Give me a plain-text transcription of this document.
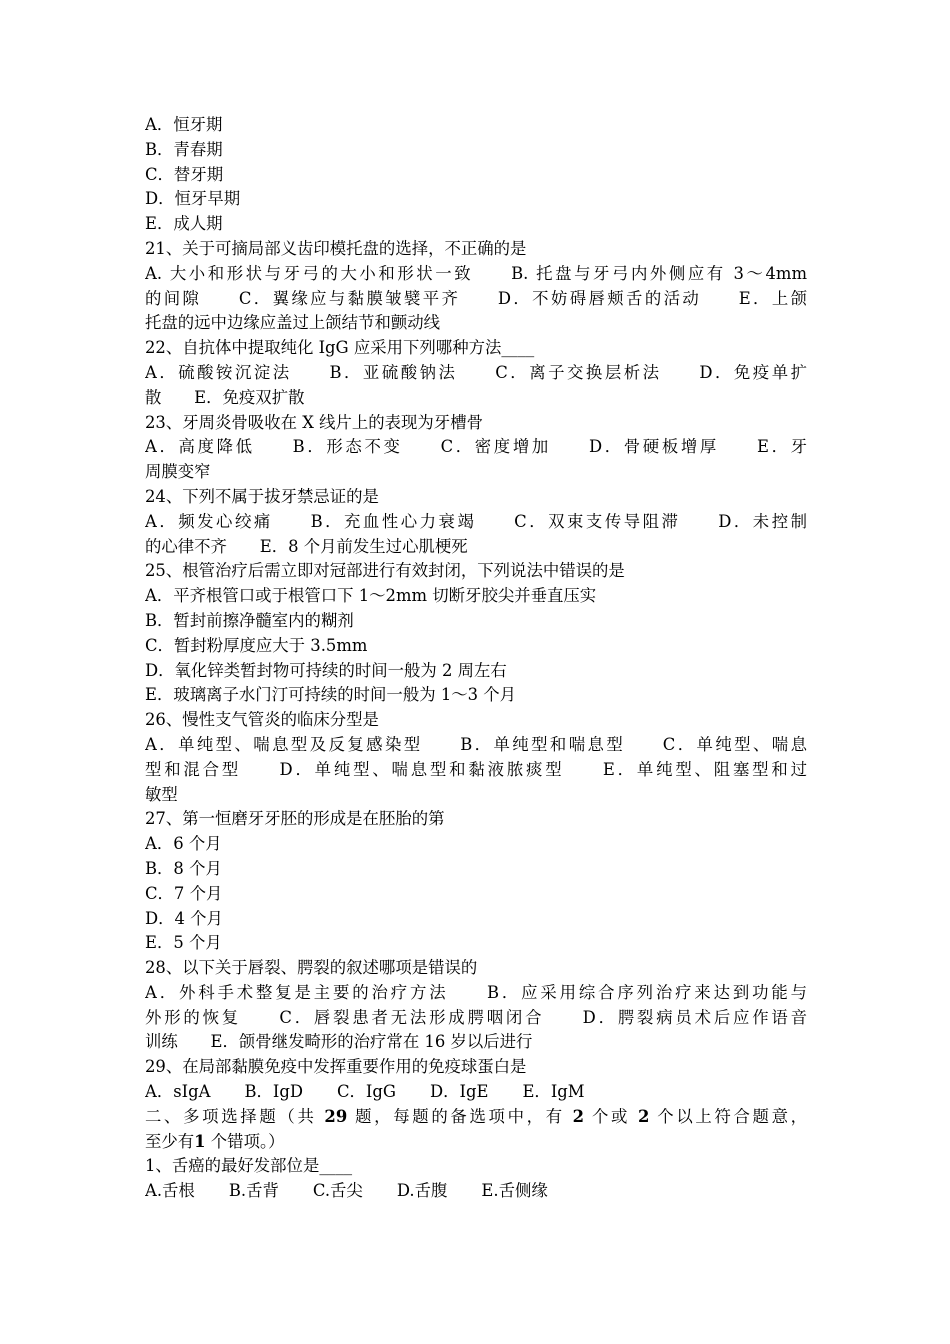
A．恒牙期
B．青春期
C．替牙期
D．恒牙早期
E．成人期
21、关于可摘局部义齿印模托盘的选择，不正确的是
A. 大小和形状与牙弓的大小和形状一致　　B. 托盘与牙弓内外侧应有 3～4mm
的间隙　　C．翼缘应与黏膜皱襞平齐　　D．不妨碍唇颊舌的活动　　E．上颌
托盘的远中边缘应盖过上颌结节和颤动线
22、自抗体中提取纯化 IgG 应采用下列哪种方法____
A．硫酸铵沉淀法　　B．亚硫酸钠法　　C．离子交换层析法　　D．免疫单扩
散　　E．免疫双扩散
23、牙周炎骨吸收在 X 线片上的表现为牙槽骨
A．高度降低　　B．形态不变　　C．密度增加　　D．骨硬板增厚　　E．牙
周膜变窄
24、下列不属于拔牙禁忌证的是
A．频发心绞痛　　B．充血性心力衰竭　　C．双束支传导阻滞　　D．未控制
的心律不齐　　E．8 个月前发生过心肌梗死
25、根管治疗后需立即对冠部进行有效封闭，下列说法中错误的是
A．平齐根管口或于根管口下 1～2mm 切断牙胶尖并垂直压实
B．暂封前擦净髓室内的糊剂
C．暂封粉厚度应大于 3.5mm
D．氧化锌类暂封物可持续的时间一般为 2 周左右
E．玻璃离子水门汀可持续的时间一般为 1～3 个月
26、慢性支气管炎的临床分型是
A．单纯型、喘息型及反复感染型　　B．单纯型和喘息型　　C．单纯型、喘息
型和混合型　　D．单纯型、喘息型和黏液脓痰型　　E．单纯型、阻塞型和过
敏型
27、第一恒磨牙牙胚的形成是在胚胎的第
A．6 个月
B．8 个月
C．7 个月
D．4 个月
E．5 个月
28、以下关于唇裂、腭裂的叙述哪项是错误的
A．外科手术整复是主要的治疗方法　　B．应采用综合序列治疗来达到功能与
外形的恢复　　C．唇裂患者无法形成腭咽闭合　　D．腭裂病员术后应作语音
训练　　E．颌骨继发畸形的治疗常在 16 岁以后进行
29、在局部黏膜免疫中发挥重要作用的免疫球蛋白是
A．sIgA B．IgD C．IgG D．IgE E．IgM
二、多项选择题（共 29 题，每题的备选项中，有 2 个或 2 个以上符合题意，
至少有1 个错项。）
1、舌癌的最好发部位是____
A.舌根 B.舌背 C.舌尖 D.舌腹 E.舌侧缘
